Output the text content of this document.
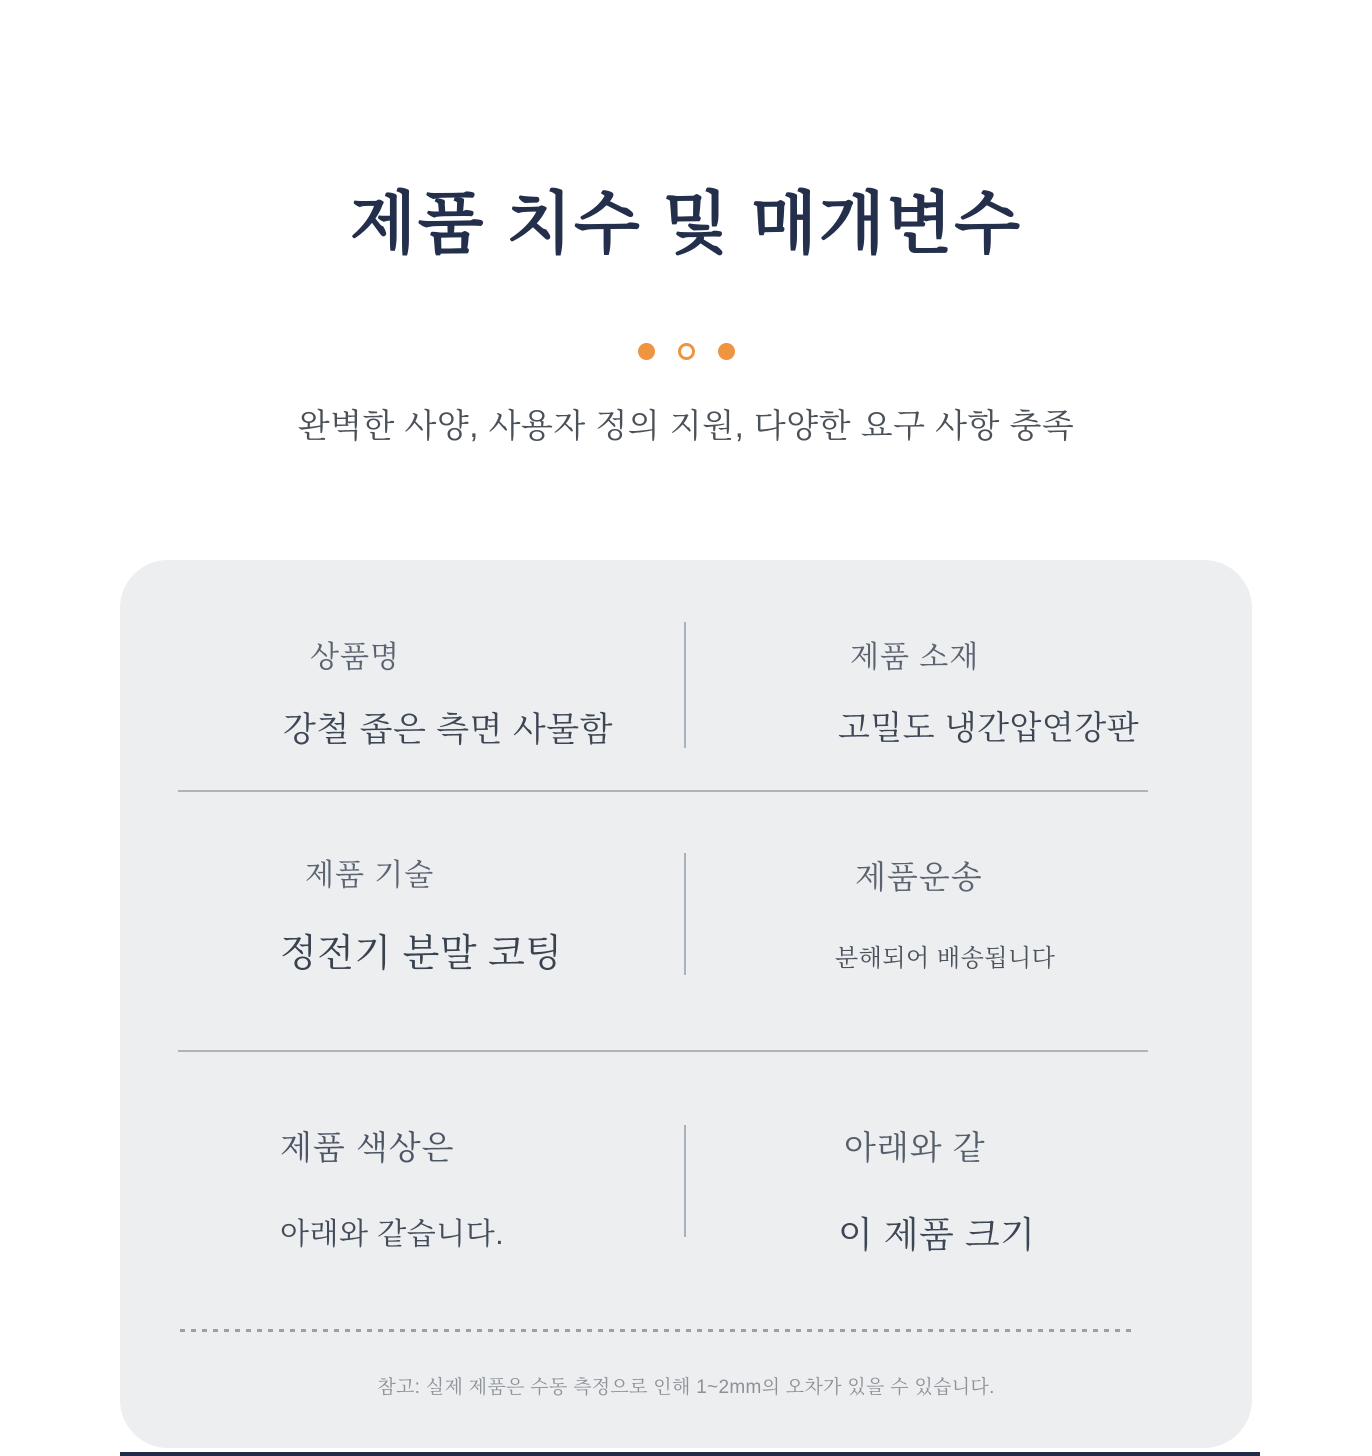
제품 치수 및 매개변수
완벽한 사양, 사용자 정의 지원, 다양한 요구 사항 충족
상품명
강철 좁은 측면 사물함
제품 소재
고밀도 냉간압연강판
제품 기술
정전기 분말 코팅
제품운송
분해되어 배송됩니다
제품 색상은
아래와 같습니다.
아래와 같
이 제품 크기
참고: 실제 제품은 수동 측정으로 인해 1~2mm의 오차가 있을 수 있습니다.
